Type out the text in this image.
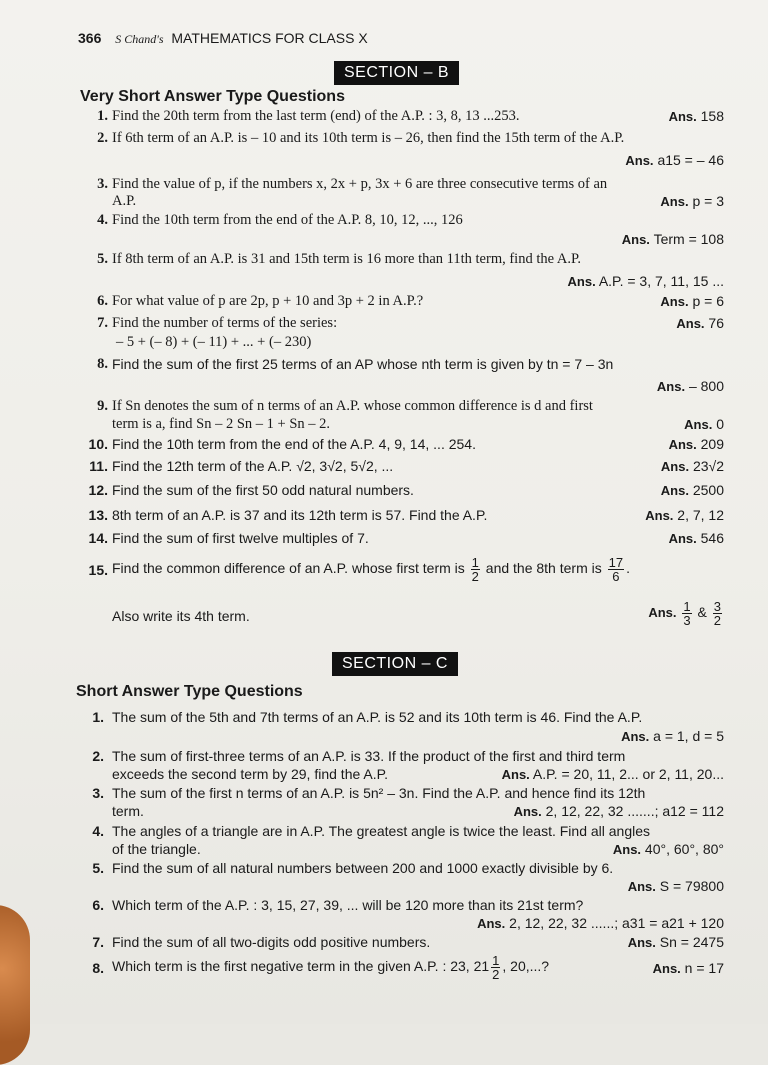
366 S Chand's MATHEMATICS FOR CLASS X
SECTION – B
Very Short Answer Type Questions
1. Find the 20th term from the last term (end) of the A.P. : 3, 8, 13 ...253.	Ans. 158
2. If 6th term of an A.P. is – 10 and its 10th term is – 26, then find the 15th term of the A.P.
Ans. a15 = – 46
3. Find the value of p, if the numbers x, 2x + p, 3x + 6 are three consecutive terms of an
A.P.	Ans. p = 3
4. Find the 10th term from the end of the A.P. 8, 10, 12, ..., 126
Ans. Term = 108
5. If 8th term of an A.P. is 31 and 15th term is 16 more than 11th term, find the A.P.
Ans. A.P. = 3, 7, 11, 15 ...
6. For what value of p are 2p, p + 10 and 3p + 2 in A.P.?	Ans. p = 6
7. Find the number of terms of the series:	Ans. 76
– 5 + (– 8) + (– 11) + ... + (– 230)
8. Find the sum of the first 25 terms of an AP whose nth term is given by tn = 7 – 3n
Ans. – 800
9. If Sn denotes the sum of n terms of an A.P. whose common difference is d and first
term is a, find Sn – 2 Sn – 1 + Sn – 2.	Ans. 0
10. Find the 10th term from the end of the A.P. 4, 9, 14, ... 254.	Ans. 209
11. Find the 12th term of the A.P. √2, 3√2, 5√2, ...	Ans. 23√2
12. Find the sum of the first 50 odd natural numbers.	Ans. 2500
13. 8th term of an A.P. is 37 and its 12th term is 57. Find the A.P.	Ans. 2, 7, 12
14. Find the sum of first twelve multiples of 7.	Ans. 546
15. Find the common difference of an A.P. whose first term is $\frac{1}{2}$ and the 8th term is $\frac{17}{6}$ .
Also write its 4th term.	Ans. $\frac{1}{3}$ & $\frac{3}{2}$
SECTION – C
Short Answer Type Questions
1. The sum of the 5th and 7th terms of an A.P. is 52 and its 10th term is 46. Find the A.P.
Ans. a = 1, d = 5
2. The sum of first-three terms of an A.P. is 33. If the product of the first and third term
exceeds the second term by 29, find the A.P.	Ans. A.P. = 20, 11, 2... or 2, 11, 20...
3. The sum of the first n terms of an A.P. is 5n² – 3n. Find the A.P. and hence find its 12th
term.	Ans. 2, 12, 22, 32 .......; a12 = 112
4. The angles of a triangle are in A.P. The greatest angle is twice the least. Find all angles
of the triangle.	Ans. 40°, 60°, 80°
5. Find the sum of all natural numbers between 200 and 1000 exactly divisible by 6.
Ans. S = 79800
6. Which term of the A.P. : 3, 15, 27, 39, ... will be 120 more than its 21st term?
Ans. 2, 12, 22, 32 ......; a31 = a21 + 120
7. Find the sum of all two-digits odd positive numbers.	Ans. Sn = 2475
8. Which term is the first negative term in the given A.P. : 23, $21 \frac{1}{2}$ , 20,...?	Ans. n = 17
